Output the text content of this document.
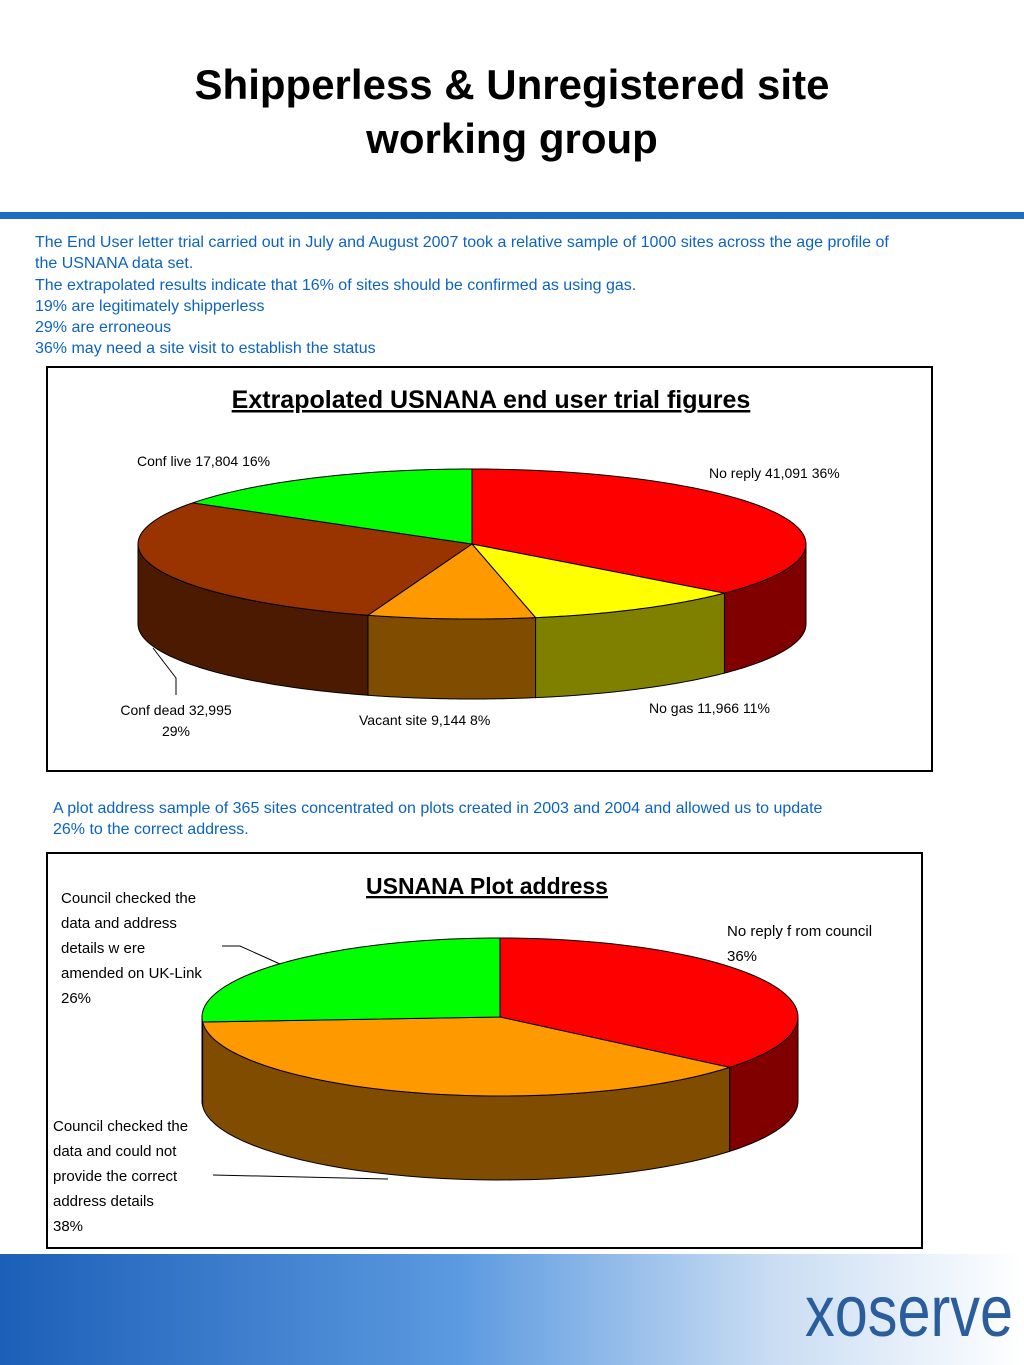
Shipperless & Unregistered site
working group
The End User letter trial carried out in July and August 2007 took a relative sample of 1000 sites across the age profile of
the USNANA data set.
The extrapolated results indicate that 16% of sites should be confirmed as using gas.
19% are legitimately shipperless
29% are erroneous
36% may need a site visit to establish the status
Extrapolated USNANA end user trial figures
No reply 41,091 36%
No gas 11,966 11%
Vacant site 9,144 8%
Conf dead 32,995
29%
Conf live 17,804 16%
A plot address sample of 365 sites concentrated on plots created in 2003 and 2004 and allowed us to update
26% to the correct address.
USNANA Plot address
No reply f rom council
36%
Council checked the
data and address
details w ere
amended on UK-Link
26%
Council checked the
data and could not
provide the correct
address details
38%
xoserve
